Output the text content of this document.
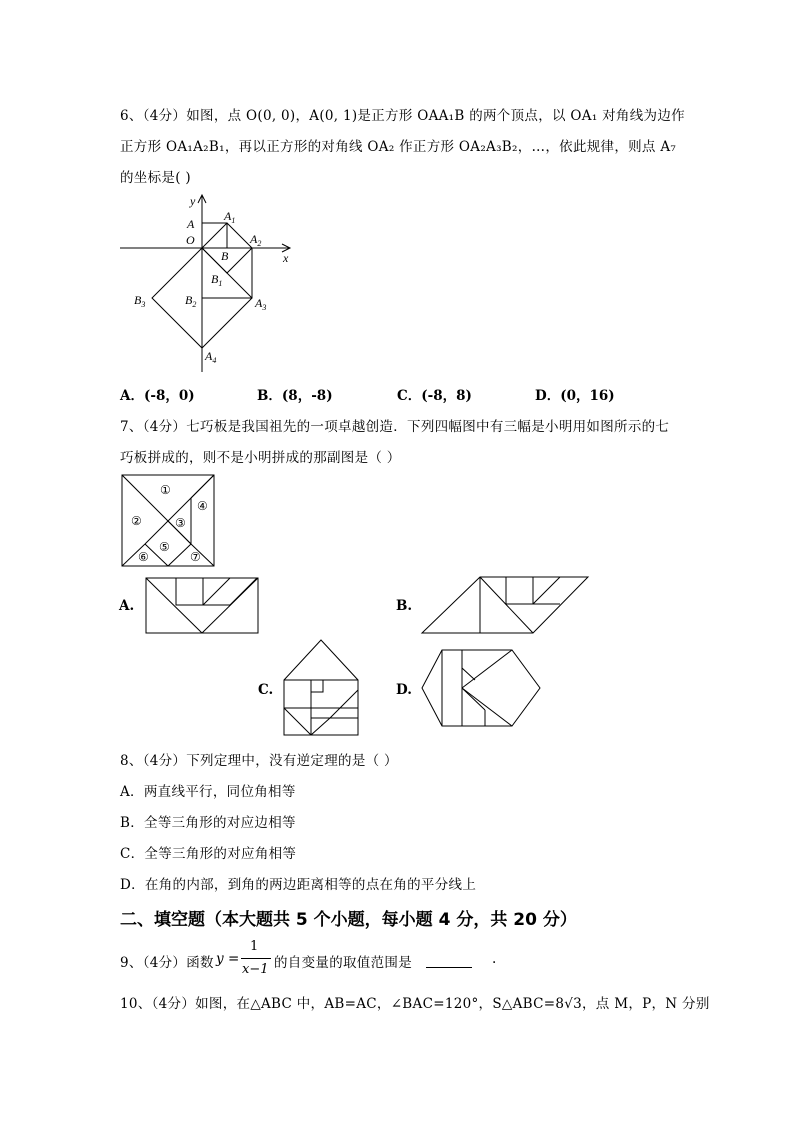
6、（4分）如图，点 O(0, 0)，A(0, 1)是正方形 OAA₁B 的两个顶点，以 OA₁ 对角线为边作
正方形 OA₁A₂B₁，再以正方形的对角线 OA₂ 作正方形 OA₂A₃B₂，…，依此规律，则点 A₇
的坐标是( )
y
x
A
O
$A_1$
B
$A_2$
$B_1$
$B_3$	$B_2$	$A_3$
$A_4$
A．(-8，0)	B．(8，-8)	C．(-8，8)	D．(0，16)
7、（4分）七巧板是我国祖先的一项卓越创造．下列四幅图中有三幅是小明用如图所示的七
巧板拼成的，则不是小明拼成的那副图是（ ）
①
②	③
④
⑤
⑥	⑦
A.	B.
C.	D.
8、（4分）下列定理中，没有逆定理的是（ ）
A．两直线平行，同位角相等
B．全等三角形的对应边相等
C．全等三角形的对应角相等
D．在角的内部，到角的两边距离相等的点在角的平分线上
二、填空题（本大题共 5 个小题，每小题 4 分，共 20 分）
9、（4分）函数 y =
1
x−1 的自变量的取值范围是	.
10、（4分）如图，在△ABC 中，AB=AC，∠BAC=120°，S△ABC=8√3，点 M，P，N 分别
